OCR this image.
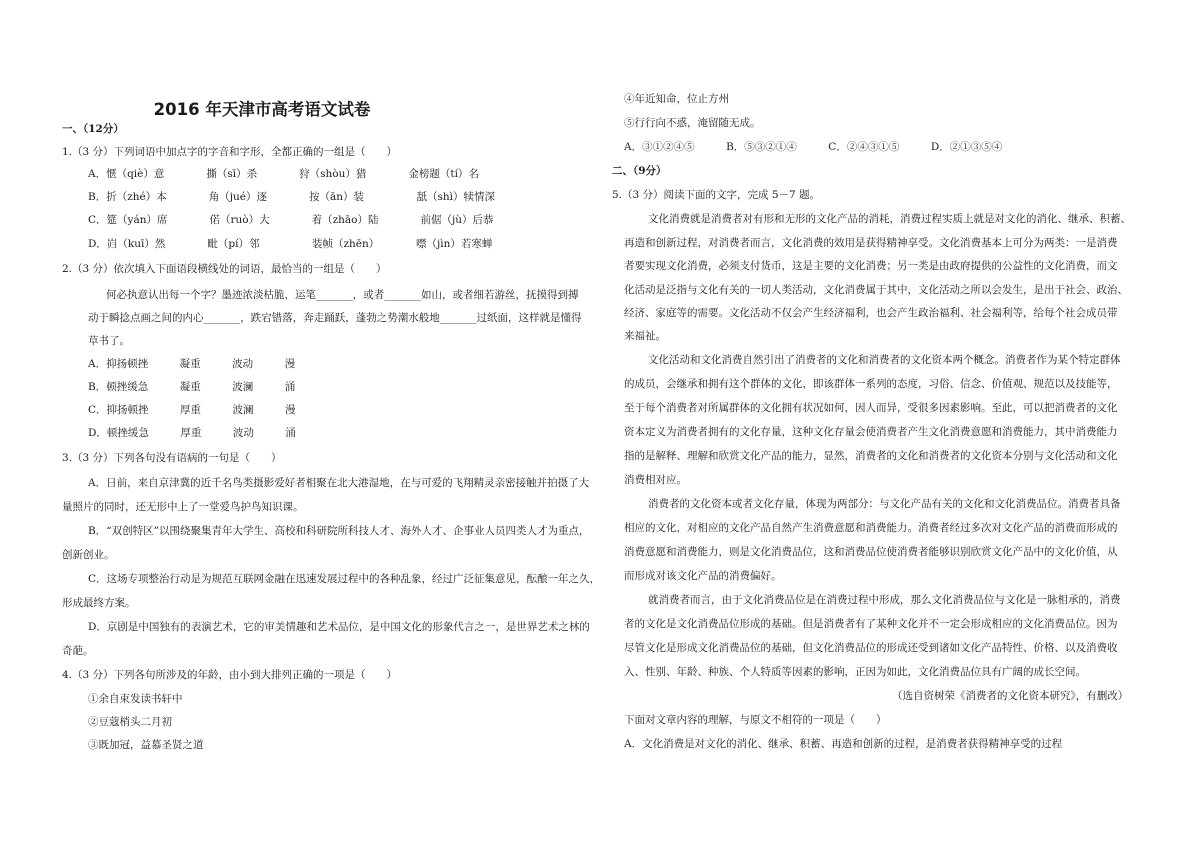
2016 年天津市高考语文试卷
一、（12分）
1.（3 分）下列词语中加点字的字音和字形，全都正确的一组是（　　）
A．惬（qiè）意　　　　撕（sī）杀　　　　狩（shòu）猎　　　　金榜题（tí）名
B．折（zhé）本　　　　角（jué）逐　　　　按（ān）装　　　　　舐（shì）犊情深
C．筵（yán）席　　　　偌（ruò）大　　　　着（zhāo）陆　　　　前倨（jù）后恭
D．岿（kuī）然　　　　毗（pí）邻　　　　　装帧（zhēn）　　　　噤（jìn）若寒蝉
2.（3 分）依次填入下面语段横线处的词语，最恰当的一组是（　　）
何必执意认出每一个字？墨迹浓淡枯脆，运笔_______，或者_______如山，或者细若游丝，抚摸得到搏
动于瞬捻点画之间的内心_______，跌宕错落，奔走踊跃，蓬勃之势潮水般地_______过纸面，这样就是懂得
草书了。
A．抑扬顿挫　　　凝重　　　波动　　　漫
B．顿挫缓急　　　凝重　　　波澜　　　涌
C．抑扬顿挫　　　厚重　　　波澜　　　漫
D．顿挫缓急　　　厚重　　　波动　　　涌
3.（3 分）下列各句没有语病的一句是（　　）
A．日前，来自京津冀的近千名鸟类摄影爱好者相聚在北大港湿地，在与可爱的飞翔精灵亲密接触并拍摄了大
量照片的同时，还无形中上了一堂爱鸟护鸟知识课。
B．“双创特区”以围绕聚集青年大学生、高校和科研院所科技人才、海外人才、企事业人员四类人才为重点，
创新创业。
C．这场专项整治行动是为规范互联网金融在迅速发展过程中的各种乱象，经过广泛征集意见，酝酿一年之久，
形成最终方案。
D．京剧是中国独有的表演艺术，它的审美情趣和艺术品位，是中国文化的形象代言之一，是世界艺术之林的
奇葩。
4.（3 分）下列各句所涉及的年龄，由小到大排列正确的一项是（　　）
①余自束发读书轩中
②豆蔻梢头二月初
③既加冠，益慕圣贤之道
④年近知命，位止方州
⑤行行向不惑，淹留随无成。
A．③①②④⑤　　　B．⑤③②①④　　　C．②④③①⑤　　　D．②①③⑤④
二、（9分）
5.（3 分）阅读下面的文字，完成 5－7 题。
文化消费就是消费者对有形和无形的文化产品的消耗，消费过程实质上就是对文化的消化、继承、积蓄、
再造和创新过程，对消费者而言，文化消费的效用是获得精神享受。文化消费基本上可分为两类：一是消费
者要实现文化消费，必须支付货币，这是主要的文化消费；另一类是由政府提供的公益性的文化消费，而文
化活动是泛指与文化有关的一切人类活动，文化消费属于其中，文化活动之所以会发生，是出于社会、政治、
经济、家庭等的需要。文化活动不仅会产生经济福利，也会产生政治福利、社会福利等，给每个社会成员带
来福祉。
文化活动和文化消费自然引出了消费者的文化和消费者的文化资本两个概念。消费者作为某个特定群体
的成员，会继承和拥有这个群体的文化，即该群体一系列的态度，习俗、信念、价值观、规范以及技能等，
至于每个消费者对所属群体的文化拥有状况如何，因人而异，受很多因素影响。至此，可以把消费者的文化
资本定义为消费者拥有的文化存量，这种文化存量会使消费者产生文化消费意愿和消费能力，其中消费能力
指的是解释、理解和欣赏文化产品的能力，显然，消费者的文化和消费者的文化资本分别与文化活动和文化
消费相对应。
消费者的文化资本或者文化存量，体现为两部分：与文化产品有关的文化和文化消费品位。消费者具备
相应的文化，对相应的文化产品自然产生消费意愿和消费能力。消费者经过多次对文化产品的消费而形成的
消费意愿和消费能力，则是文化消费品位，这和消费品位使消费者能够识别欣赏文化产品中的文化价值，从
而形成对该文化产品的消费偏好。
就消费者而言，由于文化消费品位是在消费过程中形成，那么文化消费品位与文化是一脉相承的，消费
者的文化是文化消费品位形成的基础。但是消费者有了某种文化并不一定会形成相应的文化消费品位。因为
尽管文化是形成文化消费品位的基础，但文化消费品位的形成还受到诸如文化产品特性、价格、以及消费收
入、性别、年龄、种族、个人特质等因素的影响，正因为如此，文化消费品位具有广阔的成长空间。
（选自资树荣《消费者的文化资本研究》，有删改）
下面对文章内容的理解，与原文不相符的一项是（　　）
A．文化消费是对文化的消化、继承、积蓄、再造和创新的过程，是消费者获得精神享受的过程
